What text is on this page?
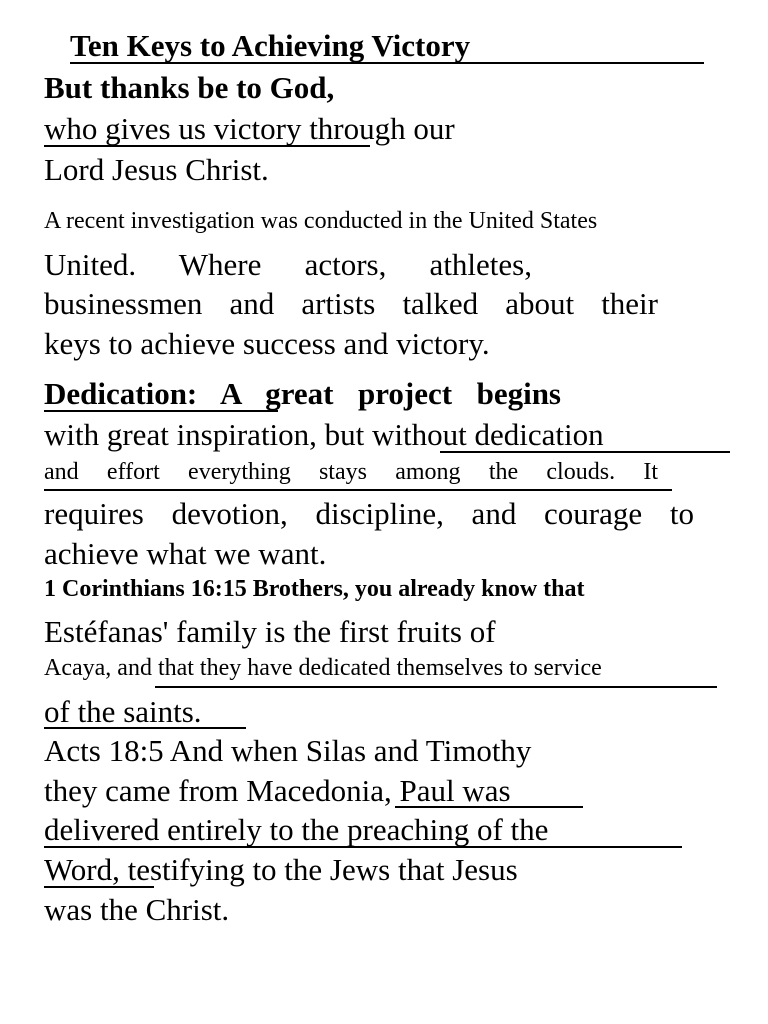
Ten Keys to Achieving Victory
But thanks be to God,
who gives us victory through our
Lord Jesus Christ.
A recent investigation was conducted in the United States
United. Where actors, athletes,
businessmen and artists talked about their
keys to achieve success and victory.
Dedication: A great project begins
with great inspiration, but without dedication
and effort everything stays among the clouds. It
requires devotion, discipline, and courage to
achieve what we want.
1 Corinthians 16:15 Brothers, you already know that
Estéfanas' family is the first fruits of
Acaya, and that they have dedicated themselves to service
of the saints.
Acts 18:5 And when Silas and Timothy
they came from Macedonia, Paul was
delivered entirely to the preaching of the
Word, testifying to the Jews that Jesus
was the Christ.
